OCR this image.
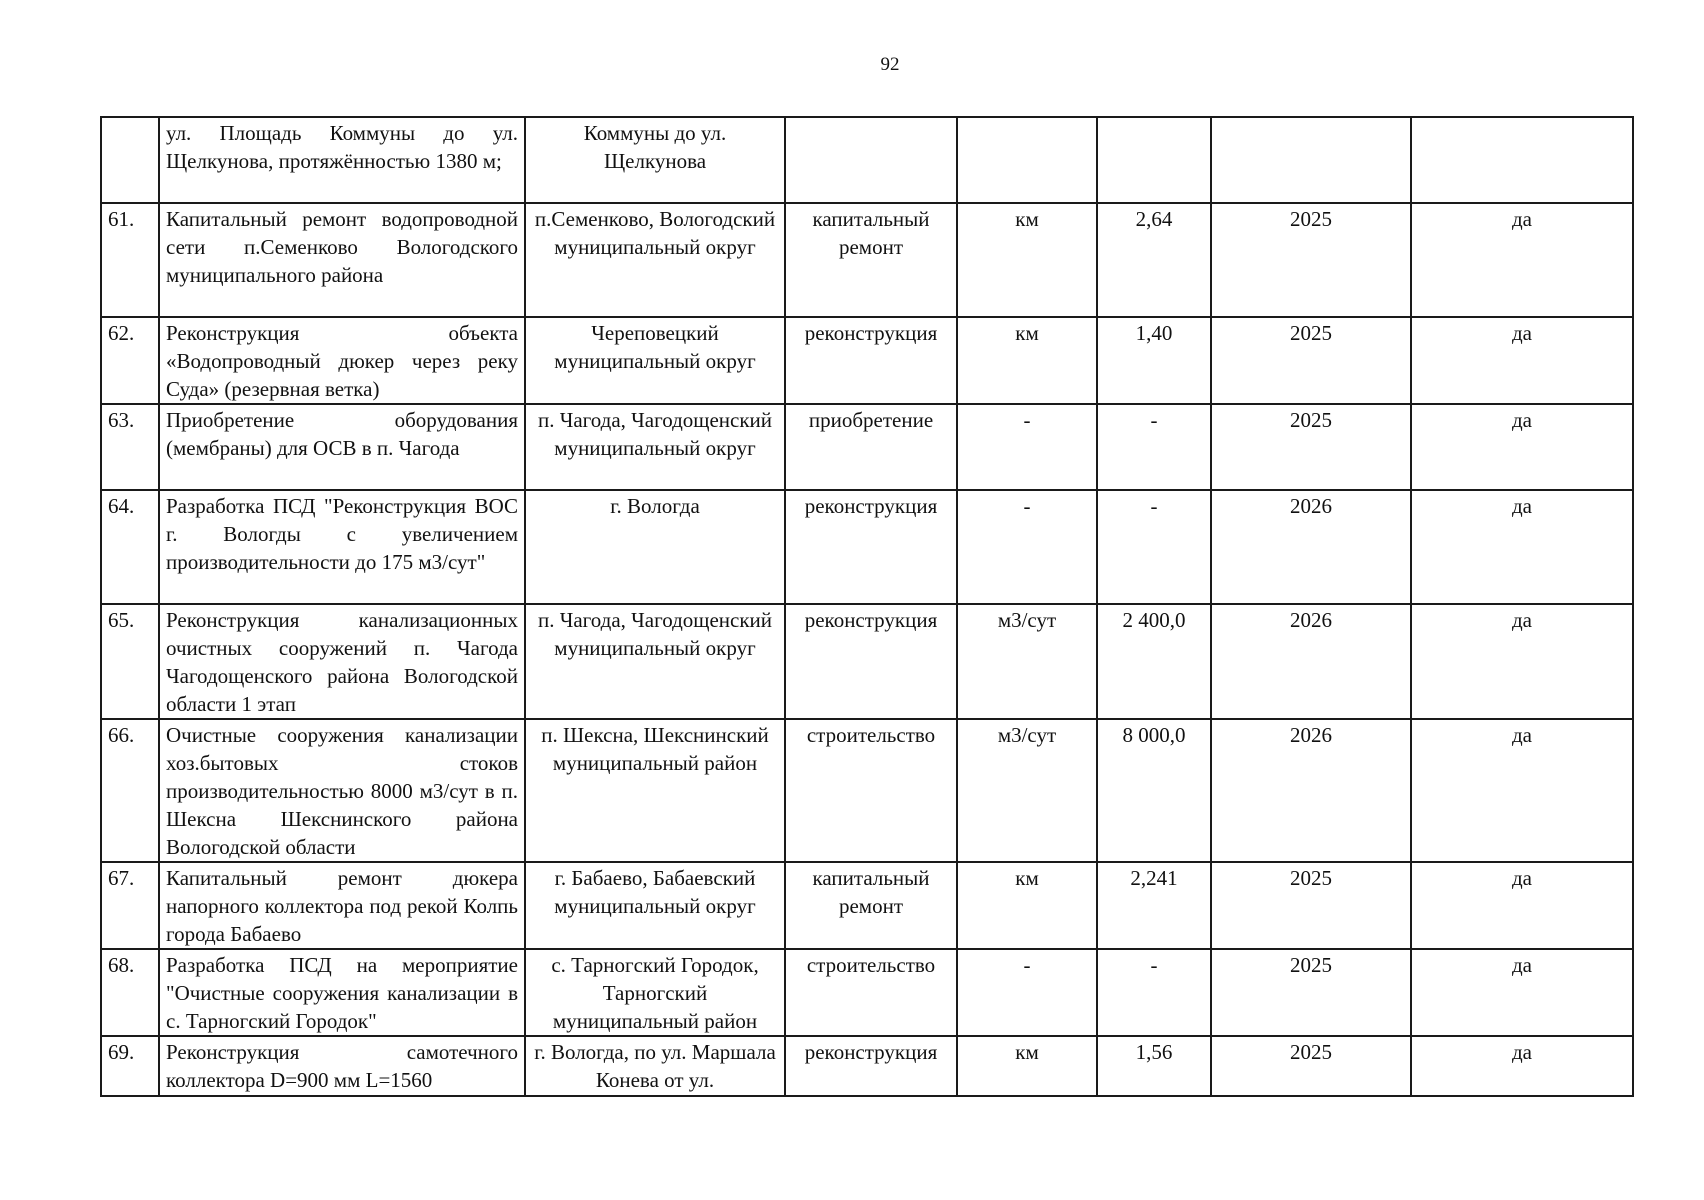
92
	ул. Площадь Коммуны до ул. Щелкунова, протяжённостью 1380 м;	Коммуны до ул. Щелкунова					
61.	Капитальный ремонт водопроводной сети п.Семенково Вологодского муниципального района	п.Семенково, Вологодский муниципальный округ	капитальный ремонт	км	2,64	2025	да
62.	Реконструкция объекта «Водопроводный дюкер через реку Суда» (резервная ветка)	Череповецкий муниципальный округ	реконструкция	км	1,40	2025	да
63.	Приобретение оборудования (мембраны) для ОСВ в п. Чагода	п. Чагода, Чагодощенский муниципальный округ	приобретение	-	-	2025	да
64.	Разработка ПСД "Реконструкция ВОС г. Вологды с увеличением производительности до 175 м3/сут"	г. Вологда	реконструкция	-	-	2026	да
65.	Реконструкция канализационных очистных сооружений п. Чагода Чагодощенского района Вологодской области 1 этап	п. Чагода, Чагодощенский муниципальный округ	реконструкция	м3/сут	2 400,0	2026	да
66.	Очистные сооружения канализации хоз.бытовых стоков производительностью 8000 м3/сут в п. Шексна Шекснинского района Вологодской области	п. Шексна, Шекснинский муниципальный район	строительство	м3/сут	8 000,0	2026	да
67.	Капитальный ремонт дюкера напорного коллектора под рекой Колпь города Бабаево	г. Бабаево, Бабаевский муниципальный округ	капитальный ремонт	км	2,241	2025	да
68.	Разработка ПСД на мероприятие "Очистные сооружения канализации в с. Тарногский Городок"	с. Тарногский Городок, Тарногский муниципальный район	строительство	-	-	2025	да
69.	Реконструкция самотечного коллектора D=900 мм L=1560	г. Вологда, по ул. Маршала Конева от ул.	реконструкция	км	1,56	2025	да
